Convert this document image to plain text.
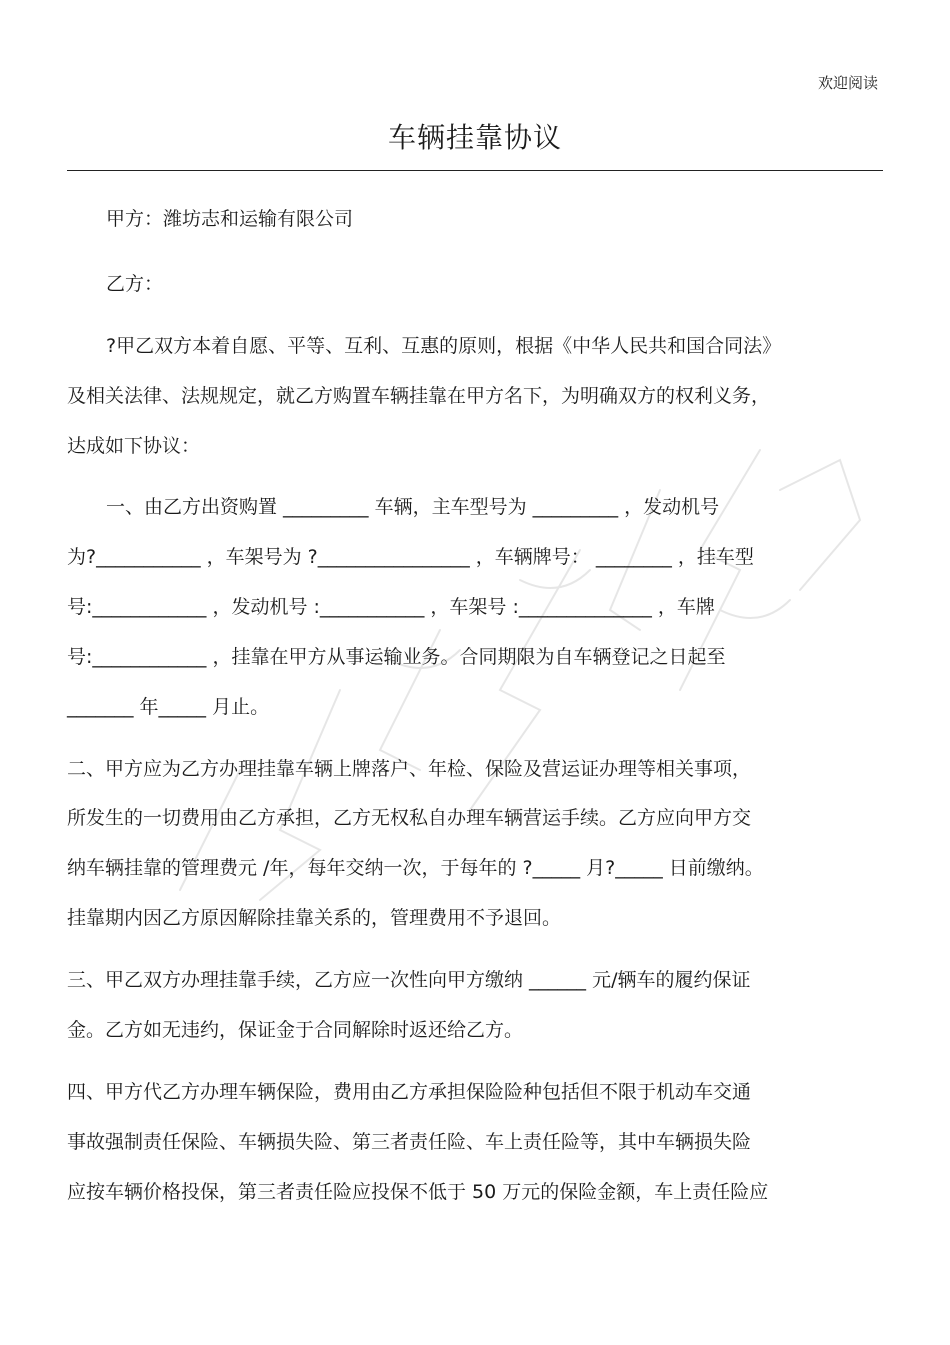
欢迎阅读
车辆挂靠协议
甲方：潍坊志和运输有限公司
乙方：
?甲乙双方本着自愿、平等、互利、互惠的原则，根据《中华人民共和国合同法》
及相关法律、法规规定，就乙方购置车辆挂靠在甲方名下，为明确双方的权利义务，
达成如下协议：
一、由乙方出资购置 _________ 车辆，主车型号为 _________ ，发动机号
为?___________ ，车架号为 ?________________ ，车辆牌号： ________ ，挂车型
号:____________ ，发动机号 :___________ ，车架号 :______________ ，车牌
号:____________ ，挂靠在甲方从事运输业务。合同期限为自车辆登记之日起至
_______ 年_____ 月止。
二、甲方应为乙方办理挂靠车辆上牌落户、年检、保险及营运证办理等相关事项，
所发生的一切费用由乙方承担，乙方无权私自办理车辆营运手续。乙方应向甲方交
纳车辆挂靠的管理费元 /年，每年交纳一次，于每年的 ?_____ 月?_____ 日前缴纳。
挂靠期内因乙方原因解除挂靠关系的，管理费用不予退回。
三、甲乙双方办理挂靠手续，乙方应一次性向甲方缴纳 ______ 元/辆车的履约保证
金。乙方如无违约，保证金于合同解除时返还给乙方。
四、甲方代乙方办理车辆保险，费用由乙方承担保险险种包括但不限于机动车交通
事故强制责任保险、车辆损失险、第三者责任险、车上责任险等，其中车辆损失险
应按车辆价格投保，第三者责任险应投保不低于 50 万元的保险金额，车上责任险应
